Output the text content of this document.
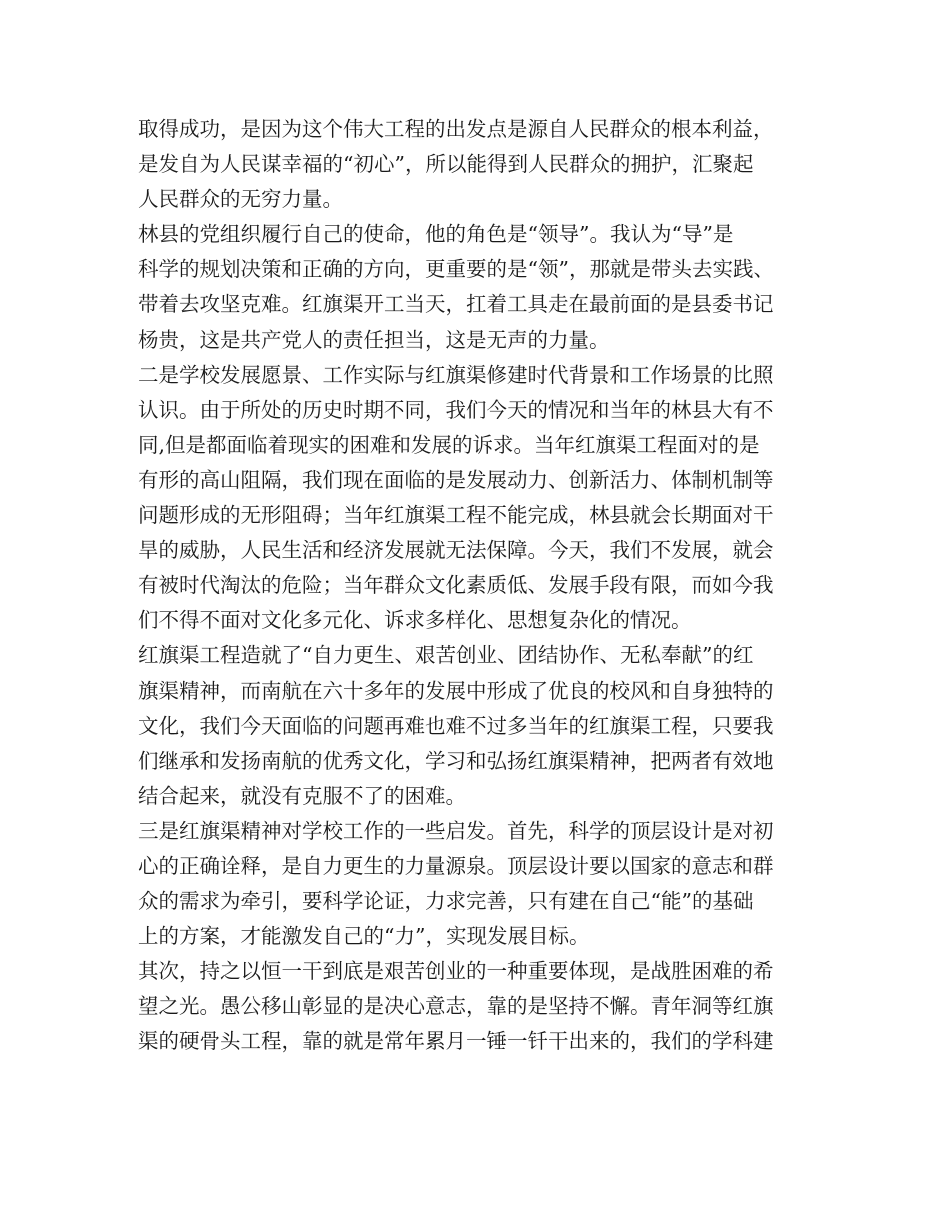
取得成功，是因为这个伟大工程的出发点是源自人民群众的根本利益，
是发自为人民谋幸福的“初心”，所以能得到人民群众的拥护，汇聚起
人民群众的无穷力量。
林县的党组织履行自己的使命，他的角色是“领导”。我认为“导”是
科学的规划决策和正确的方向，更重要的是“领”，那就是带头去实践、
带着去攻坚克难。红旗渠开工当天，扛着工具走在最前面的是县委书记
杨贵，这是共产党人的责任担当，这是无声的力量。
二是学校发展愿景、工作实际与红旗渠修建时代背景和工作场景的比照
认识。由于所处的历史时期不同，我们今天的情况和当年的林县大有不
同,但是都面临着现实的困难和发展的诉求。当年红旗渠工程面对的是
有形的高山阻隔，我们现在面临的是发展动力、创新活力、体制机制等
问题形成的无形阻碍；当年红旗渠工程不能完成，林县就会长期面对干
旱的威胁，人民生活和经济发展就无法保障。今天，我们不发展，就会
有被时代淘汰的危险；当年群众文化素质低、发展手段有限，而如今我
们不得不面对文化多元化、诉求多样化、思想复杂化的情况。
红旗渠工程造就了“自力更生、艰苦创业、团结协作、无私奉献”的红
旗渠精神，而南航在六十多年的发展中形成了优良的校风和自身独特的
文化，我们今天面临的问题再难也难不过多当年的红旗渠工程，只要我
们继承和发扬南航的优秀文化，学习和弘扬红旗渠精神，把两者有效地
结合起来，就没有克服不了的困难。
三是红旗渠精神对学校工作的一些启发。首先，科学的顶层设计是对初
心的正确诠释，是自力更生的力量源泉。顶层设计要以国家的意志和群
众的需求为牵引，要科学论证，力求完善，只有建在自己“能”的基础
上的方案，才能激发自己的“力”，实现发展目标。
其次，持之以恒一干到底是艰苦创业的一种重要体现，是战胜困难的希
望之光。愚公移山彰显的是决心意志，靠的是坚持不懈。青年洞等红旗
渠的硬骨头工程，靠的就是常年累月一锤一钎干出来的，我们的学科建
